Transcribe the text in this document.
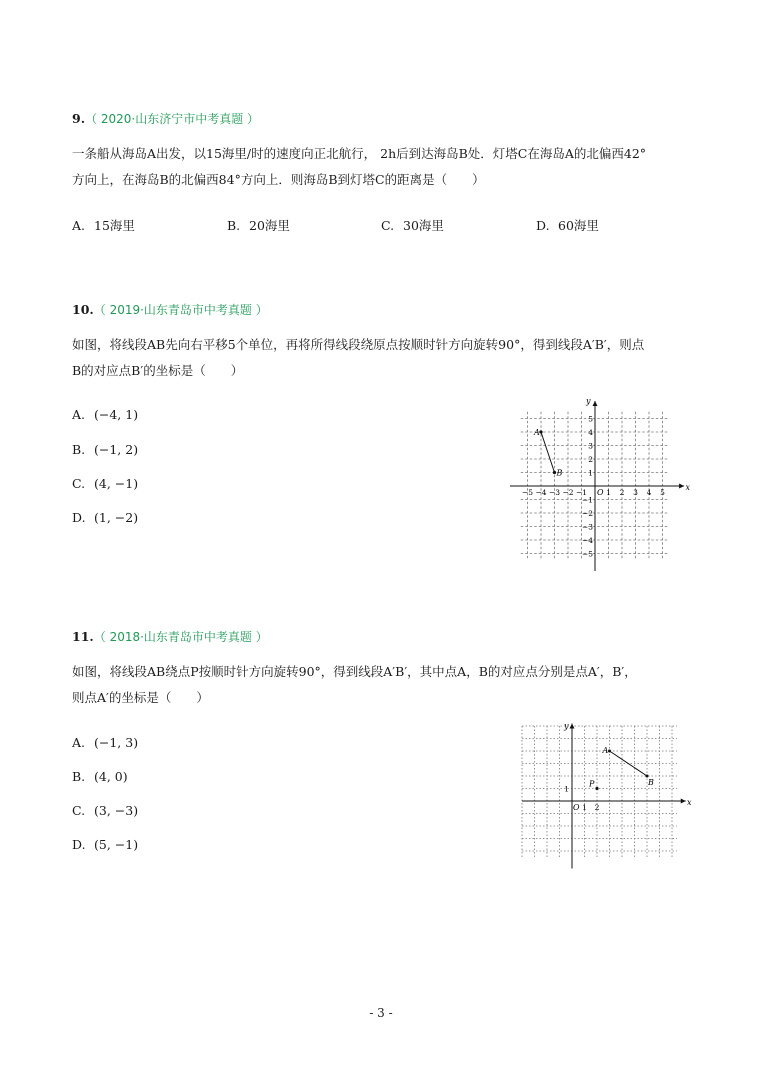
9.（ 2020·山东济宁市中考真题 ）
一条船从海岛A出发，以15海里/时的速度向正北航行， 2h后到达海岛B处．灯塔C在海岛A的北偏西42°
方向上，在海岛B的北偏西84°方向上．则海岛B到灯塔C的距离是（　　）
A. 15海里	B. 20海里	C. 30海里	D. 60海里
10.（ 2019·山东青岛市中考真题 ）
如图，将线段AB先向右平移5个单位，再将所得线段绕原点按顺时针方向旋转90°，得到线段A′B′，则点
B的对应点B′的坐标是（　　）
A. (−4, 1)
B. (−1, 2)
C. (4, −1)
D. (1, −2)
x
y
O
−5 −4 −3 −2 −1	1 2 3 4 5
5
4
3
2
1
−1
−2
−3
−4
−5
A
B
11.（ 2018·山东青岛市中考真题 ）
如图，将线段AB绕点P按顺时针方向旋转90°，得到线段A′B′，其中点A，B的对应点分别是点A′，B′，
则点A′的坐标是（　　）
A. (−1, 3)
B. (4, 0)
C. (3, −3)
D. (5, −1)
x
y
O 1 2
1
A
B
P
- 3 -
